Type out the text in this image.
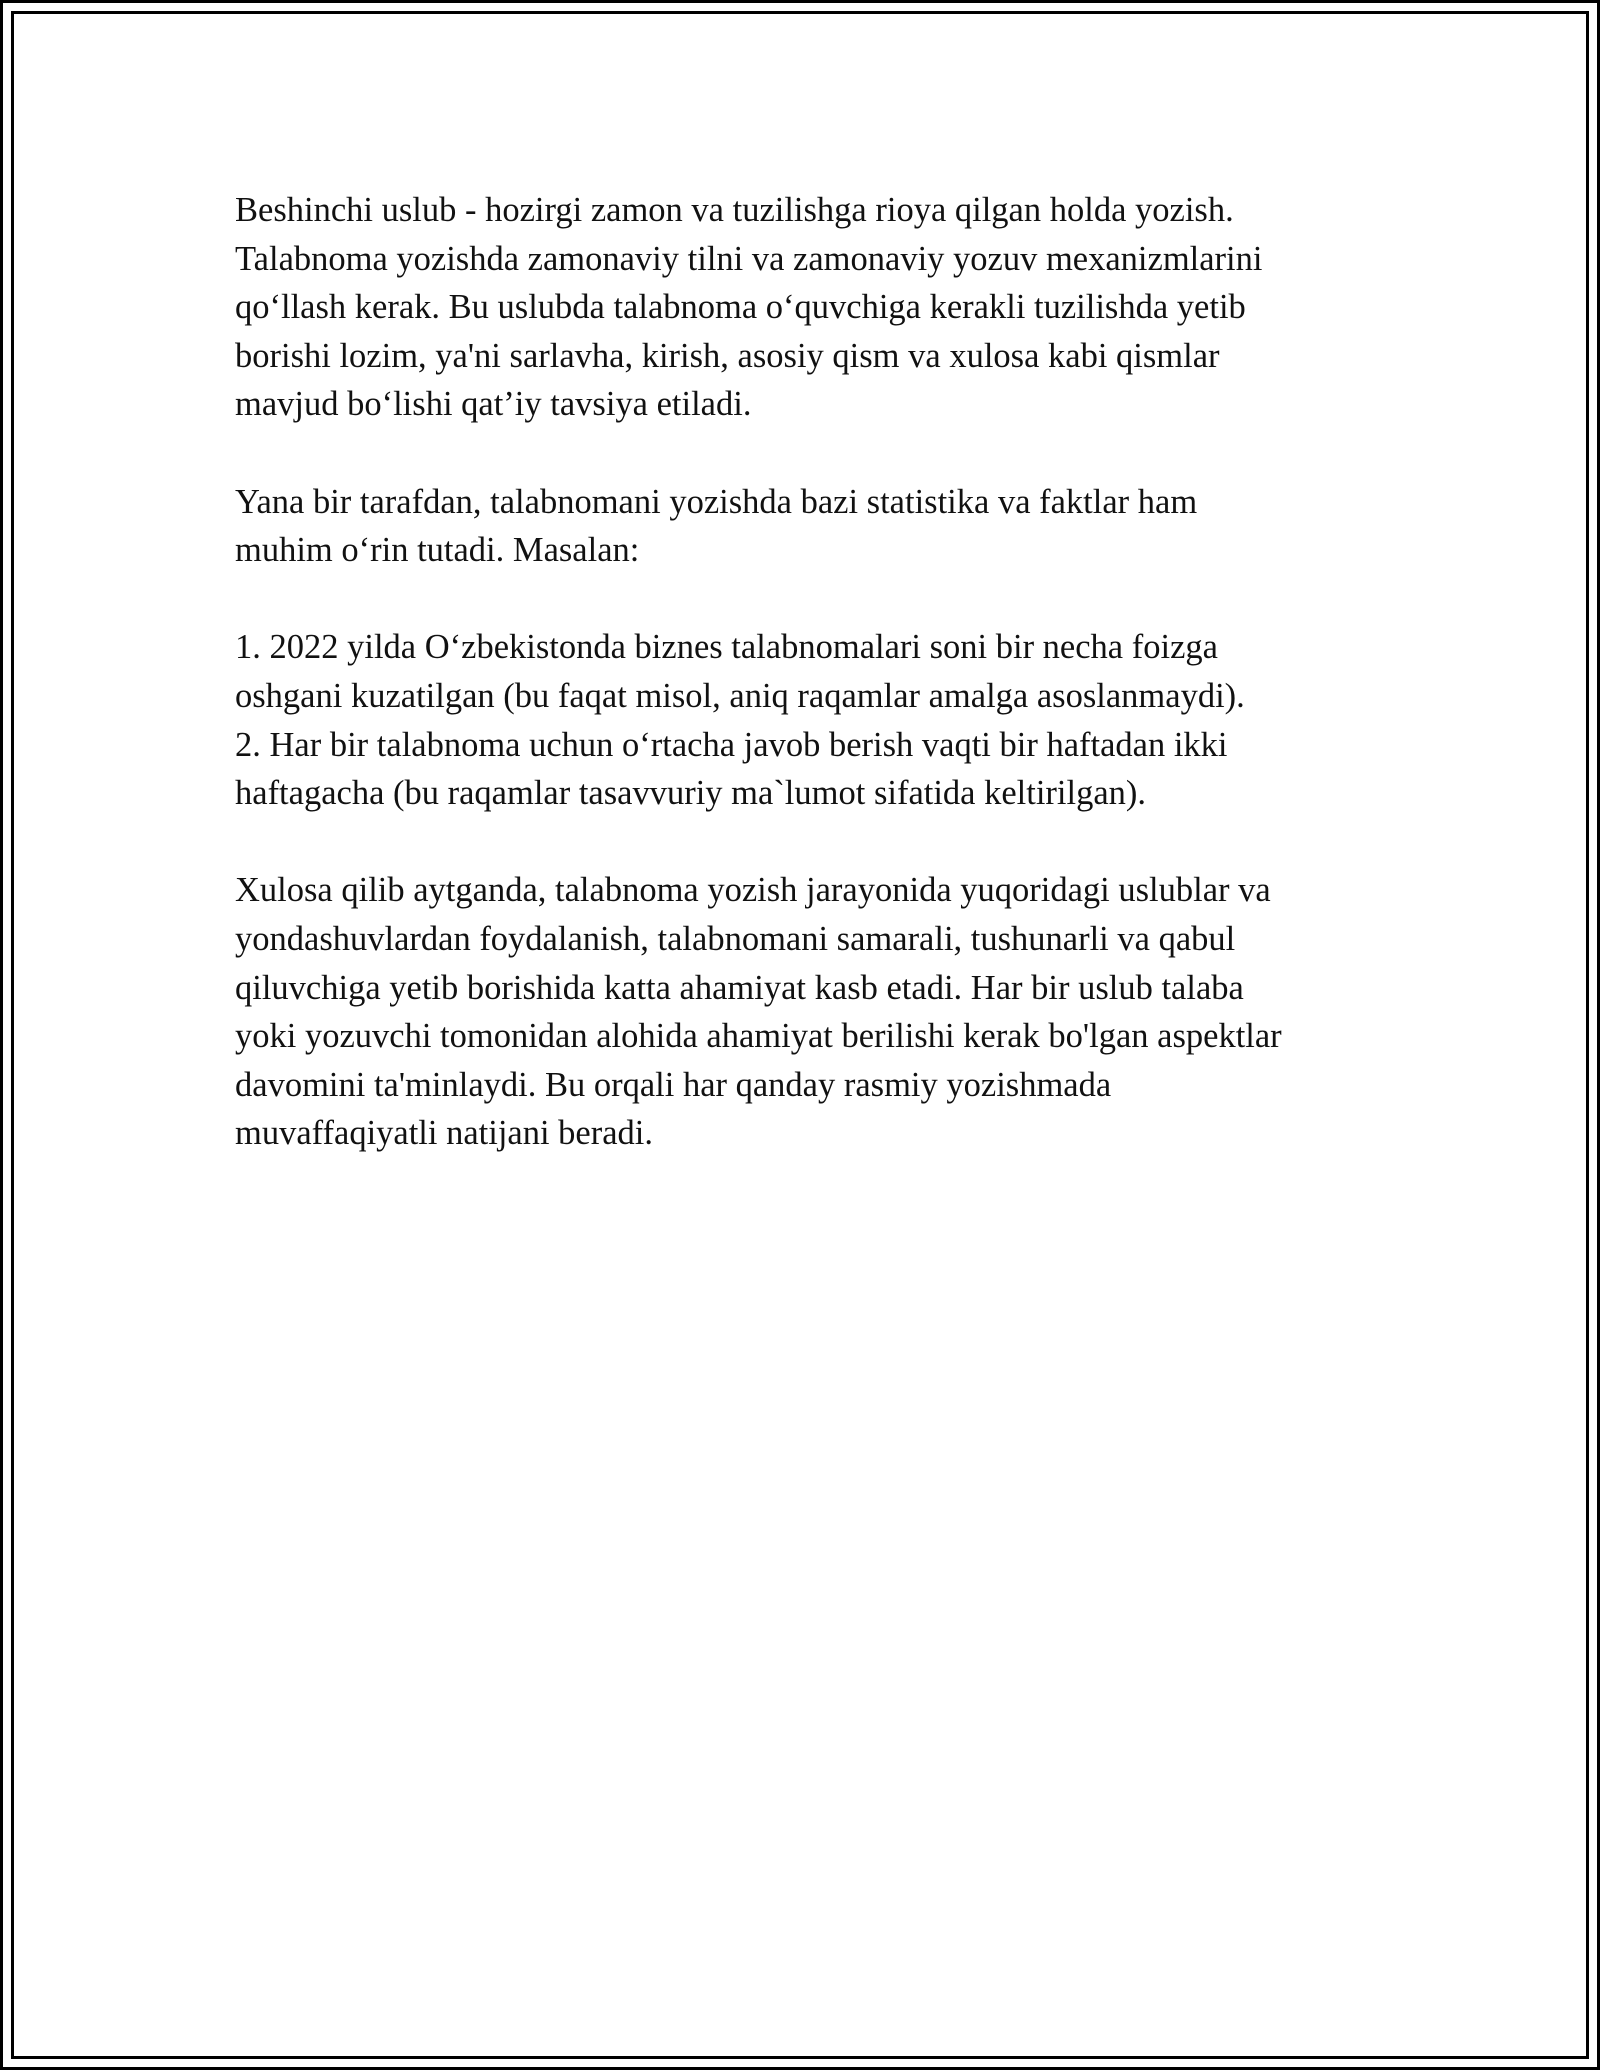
Beshinchi uslub - hozirgi zamon va tuzilishga rioya qilgan holda yozish.
Talabnoma yozishda zamonaviy tilni va zamonaviy yozuv mexanizmlarini
qo‘llash kerak. Bu uslubda talabnoma o‘quvchiga kerakli tuzilishda yetib
borishi lozim, ya'ni sarlavha, kirish, asosiy qism va xulosa kabi qismlar
mavjud bo‘lishi qat’iy tavsiya etiladi.

Yana bir tarafdan, talabnomani yozishda bazi statistika va faktlar ham
muhim o‘rin tutadi. Masalan:

1. 2022 yilda O‘zbekistonda biznes talabnomalari soni bir necha foizga
oshgani kuzatilgan (bu faqat misol, aniq raqamlar amalga asoslanmaydi).
2. Har bir talabnoma uchun o‘rtacha javob berish vaqti bir haftadan ikki
haftagacha (bu raqamlar tasavvuriy ma`lumot sifatida keltirilgan).

Xulosa qilib aytganda, talabnoma yozish jarayonida yuqoridagi uslublar va
yondashuvlardan foydalanish, talabnomani samarali, tushunarli va qabul
qiluvchiga yetib borishida katta ahamiyat kasb etadi. Har bir uslub talaba
yoki yozuvchi tomonidan alohida ahamiyat berilishi kerak bo'lgan aspektlar
davomini ta'minlaydi. Bu orqali har qanday rasmiy yozishmada
muvaffaqiyatli natijani beradi.
